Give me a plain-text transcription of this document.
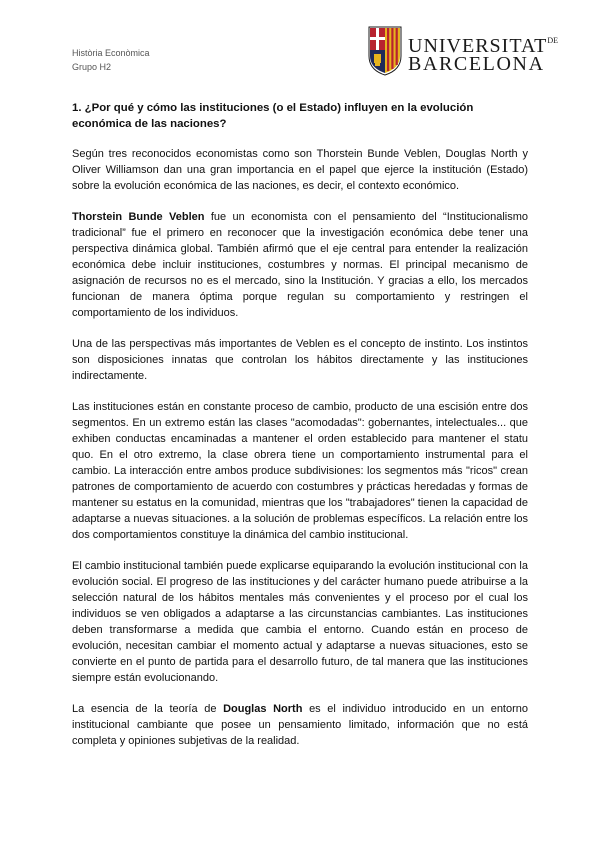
Història Econòmica
Grupo H2
$UNIVERSITAT^{DE}$
BARCELONA
1. ¿Por qué y cómo las instituciones (o el Estado) influyen en la evolución económica de las naciones?

Según tres reconocidos economistas como son Thorstein Bunde Veblen, Douglas North y Oliver Williamson dan una gran importancia en el papel que ejerce la institución (Estado) sobre la evolución económica de las naciones, es decir, el contexto económico.

Thorstein Bunde Veblen fue un economista con el pensamiento del “Institucionalismo tradicional” fue el primero en reconocer que la investigación económica debe tener una perspectiva dinámica global. También afirmó que el eje central para entender la realización económica debe incluir instituciones, costumbres y normas. El principal mecanismo de asignación de recursos no es el mercado, sino la Institución. Y gracias a ello, los mercados funcionan de manera óptima porque regulan su comportamiento y restringen el comportamiento de los individuos.

Una de las perspectivas más importantes de Veblen es el concepto de instinto. Los instintos son disposiciones innatas que controlan los hábitos directamente y las instituciones indirectamente.

Las instituciones están en constante proceso de cambio, producto de una escisión entre dos segmentos. En un extremo están las clases "acomodadas": gobernantes, intelectuales... que exhiben conductas encaminadas a mantener el orden establecido para mantener el statu quo. En el otro extremo, la clase obrera tiene un comportamiento instrumental para el cambio. La interacción entre ambos produce subdivisiones: los segmentos más "ricos" crean patrones de comportamiento de acuerdo con costumbres y prácticas heredadas y formas de mantener su estatus en la comunidad, mientras que los "trabajadores" tienen la capacidad de adaptarse a nuevas situaciones. a la solución de problemas específicos. La relación entre los dos comportamientos constituye la dinámica del cambio institucional.

El cambio institucional también puede explicarse equiparando la evolución institucional con la evolución social. El progreso de las instituciones y del carácter humano puede atribuirse a la selección natural de los hábitos mentales más convenientes y el proceso por el cual los individuos se ven obligados a adaptarse a las circunstancias cambiantes. Las instituciones deben transformarse a medida que cambia el entorno. Cuando están en proceso de evolución, necesitan cambiar el momento actual y adaptarse a nuevas situaciones, esto se convierte en el punto de partida para el desarrollo futuro, de tal manera que las instituciones siempre están evolucionando.

La esencia de la teoría de Douglas North es el individuo introducido en un entorno institucional cambiante que posee un pensamiento limitado, información que no está completa y opiniones subjetivas de la realidad.
